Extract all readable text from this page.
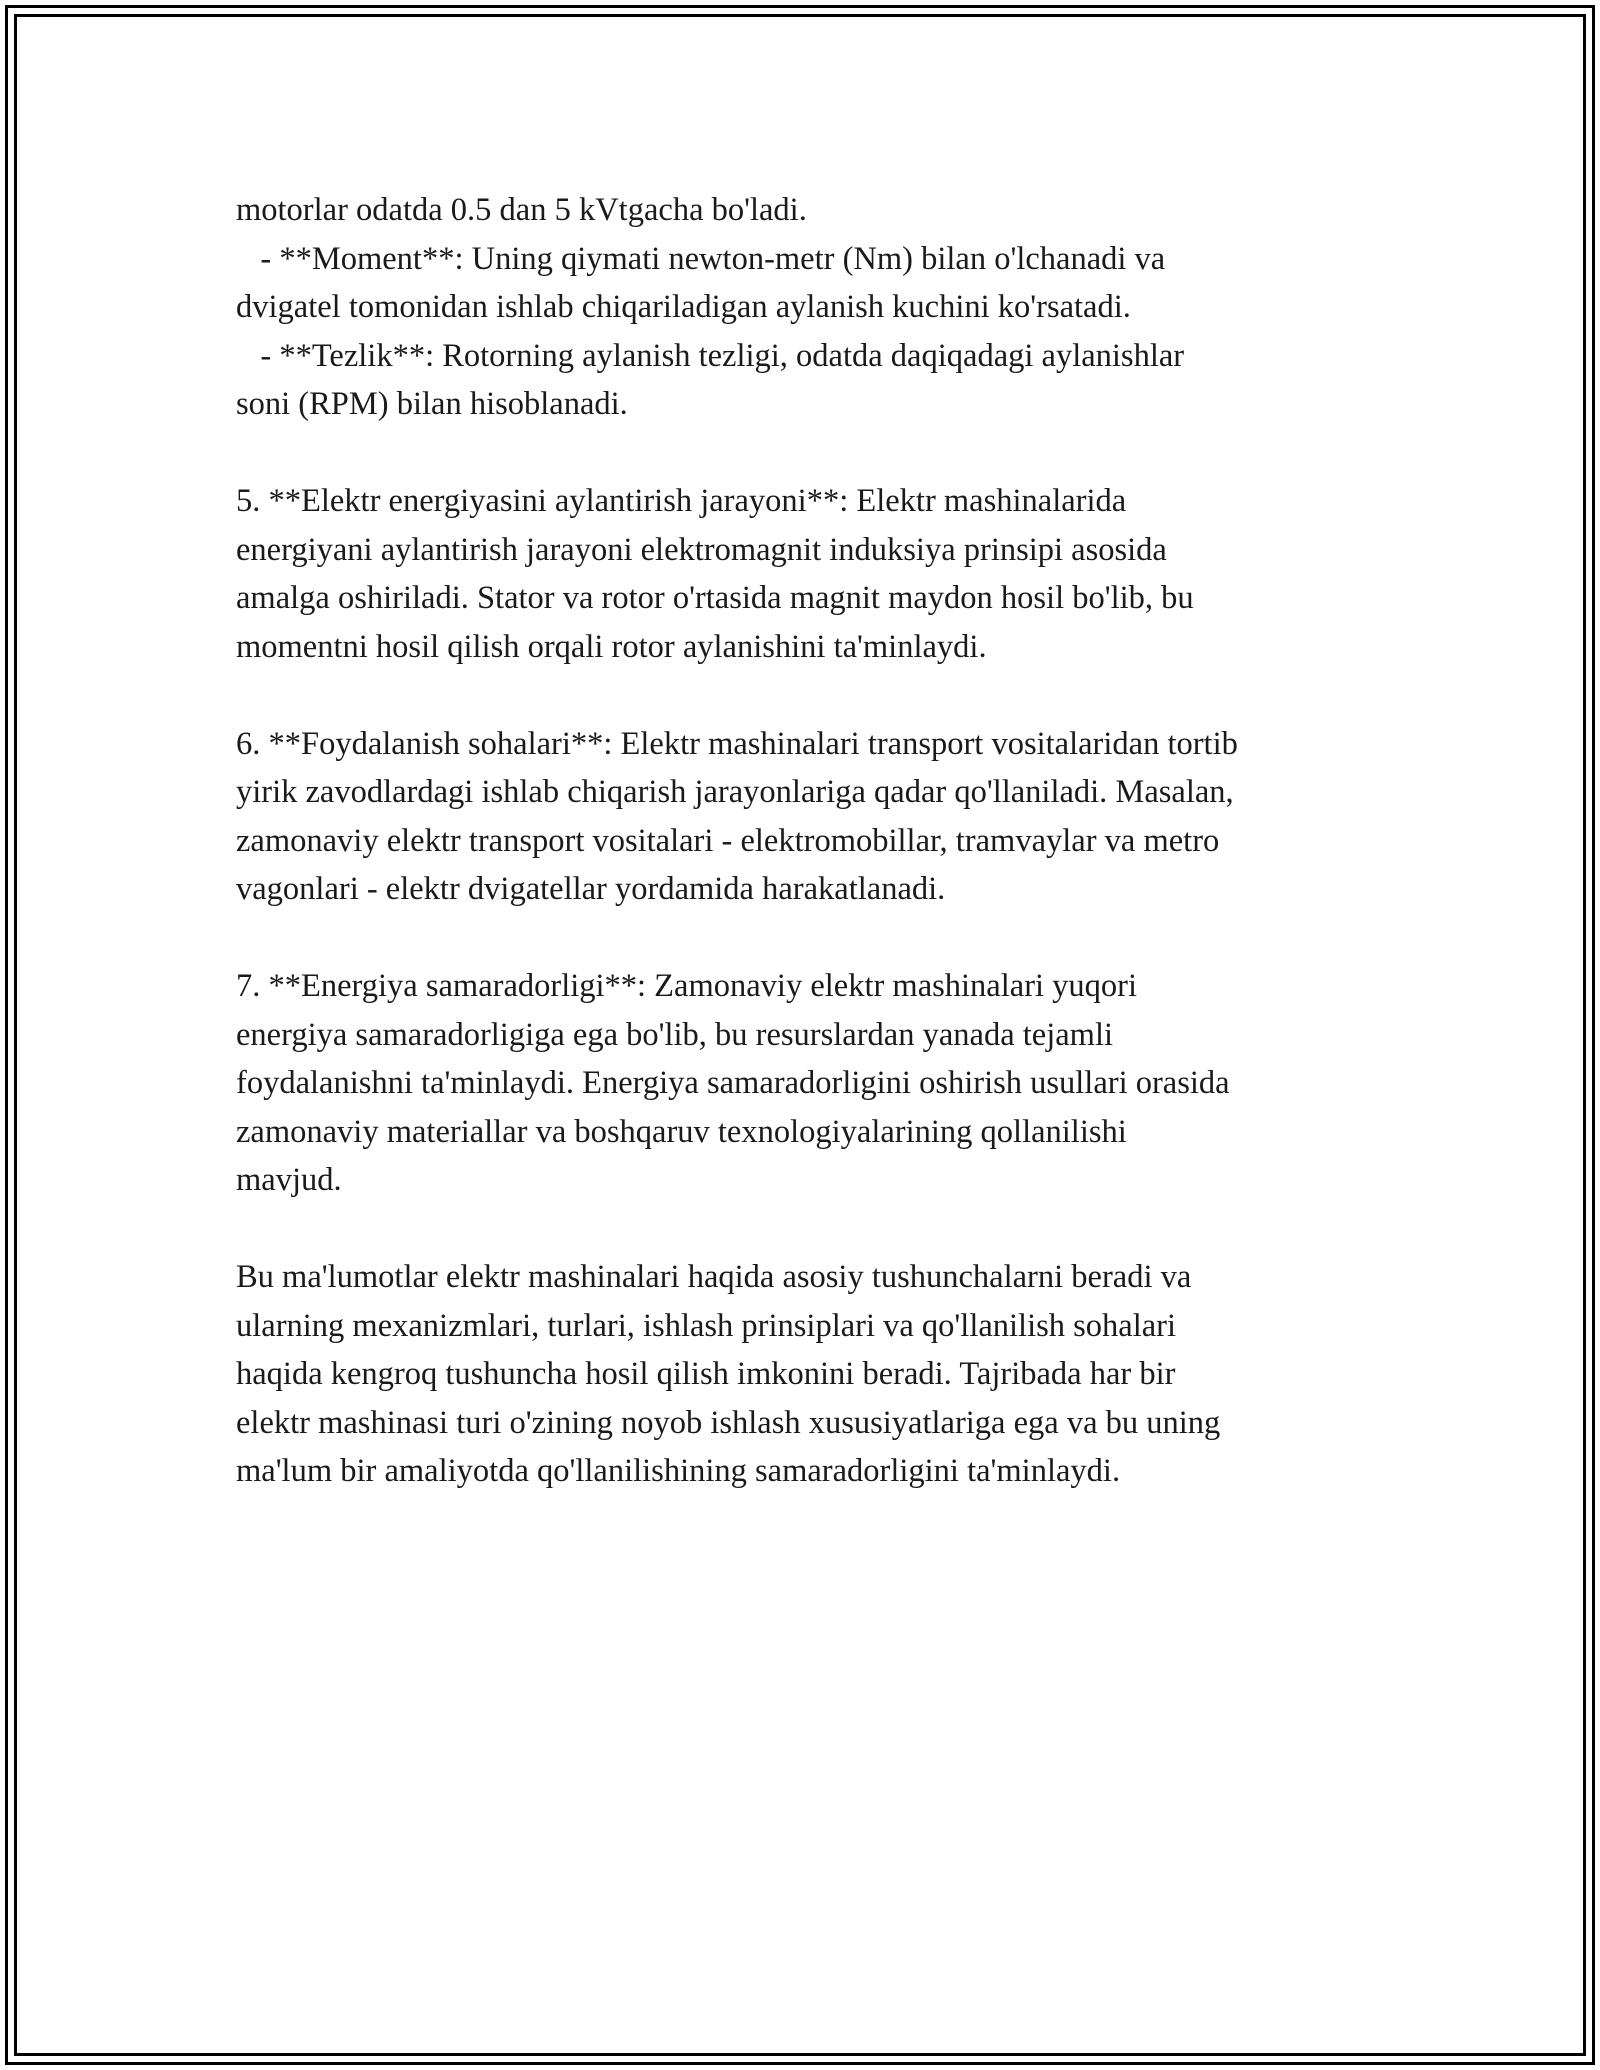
motorlar odatda 0.5 dan 5 kVtgacha bo'ladi.
- **Moment**: Uning qiymati newton-metr (Nm) bilan o'lchanadi va
dvigatel tomonidan ishlab chiqariladigan aylanish kuchini ko'rsatadi.
- **Tezlik**: Rotorning aylanish tezligi, odatda daqiqadagi aylanishlar
soni (RPM) bilan hisoblanadi.
5. **Elektr energiyasini aylantirish jarayoni**: Elektr mashinalarida
energiyani aylantirish jarayoni elektromagnit induksiya prinsipi asosida
amalga oshiriladi. Stator va rotor o'rtasida magnit maydon hosil bo'lib, bu
momentni hosil qilish orqali rotor aylanishini ta'minlaydi.
6. **Foydalanish sohalari**: Elektr mashinalari transport vositalaridan tortib
yirik zavodlardagi ishlab chiqarish jarayonlariga qadar qo'llaniladi. Masalan,
zamonaviy elektr transport vositalari - elektromobillar, tramvaylar va metro
vagonlari - elektr dvigatellar yordamida harakatlanadi.
7. **Energiya samaradorligi**: Zamonaviy elektr mashinalari yuqori
energiya samaradorligiga ega bo'lib, bu resurslardan yanada tejamli
foydalanishni ta'minlaydi. Energiya samaradorligini oshirish usullari orasida
zamonaviy materiallar va boshqaruv texnologiyalarining qollanilishi
mavjud.
Bu ma'lumotlar elektr mashinalari haqida asosiy tushunchalarni beradi va
ularning mexanizmlari, turlari, ishlash prinsiplari va qo'llanilish sohalari
haqida kengroq tushuncha hosil qilish imkonini beradi. Tajribada har bir
elektr mashinasi turi o'zining noyob ishlash xususiyatlariga ega va bu uning
ma'lum bir amaliyotda qo'llanilishining samaradorligini ta'minlaydi.
